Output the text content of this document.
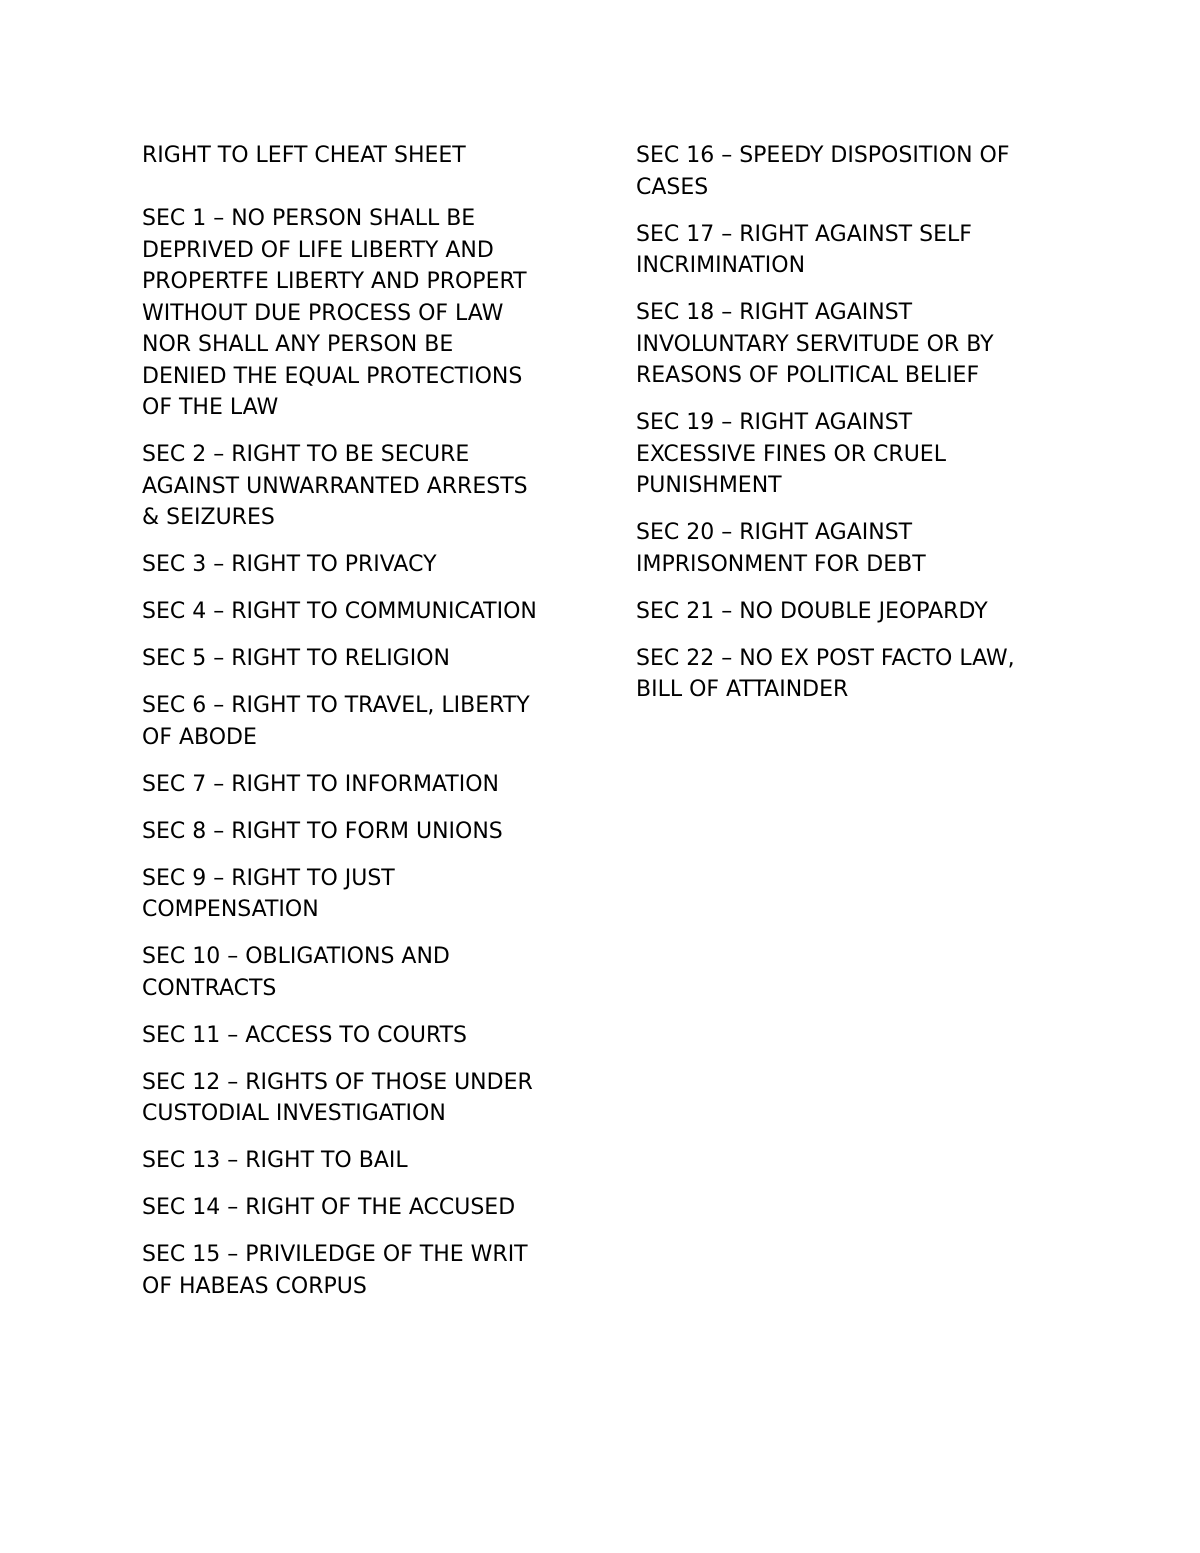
RIGHT TO LEFT CHEAT SHEET
SEC 1 – NO PERSON SHALL BE
DEPRIVED OF LIFE LIBERTY AND
PROPERTFE LIBERTY AND PROPERT
WITHOUT DUE PROCESS OF LAW
NOR SHALL ANY PERSON BE
DENIED THE EQUAL PROTECTIONS
OF THE LAW
SEC 2 – RIGHT TO BE SECURE
AGAINST UNWARRANTED ARRESTS
& SEIZURES
SEC 3 – RIGHT TO PRIVACY
SEC 4 – RIGHT TO COMMUNICATION
SEC 5 – RIGHT TO RELIGION
SEC 6 – RIGHT TO TRAVEL, LIBERTY
OF ABODE
SEC 7 – RIGHT TO INFORMATION
SEC 8 – RIGHT TO FORM UNIONS
SEC 9 – RIGHT TO JUST
COMPENSATION
SEC 10 – OBLIGATIONS AND
CONTRACTS
SEC 11 – ACCESS TO COURTS
SEC 12 – RIGHTS OF THOSE UNDER
CUSTODIAL INVESTIGATION
SEC 13 – RIGHT TO BAIL
SEC 14 – RIGHT OF THE ACCUSED
SEC 15 – PRIVILEDGE OF THE WRIT
OF HABEAS CORPUS
SEC 16 – SPEEDY DISPOSITION OF
CASES
SEC 17 – RIGHT AGAINST SELF
INCRIMINATION
SEC 18 – RIGHT AGAINST
INVOLUNTARY SERVITUDE OR BY
REASONS OF POLITICAL BELIEF
SEC 19 – RIGHT AGAINST
EXCESSIVE FINES OR CRUEL
PUNISHMENT
SEC 20 – RIGHT AGAINST
IMPRISONMENT FOR DEBT
SEC 21 – NO DOUBLE JEOPARDY
SEC 22 – NO EX POST FACTO LAW,
BILL OF ATTAINDER
